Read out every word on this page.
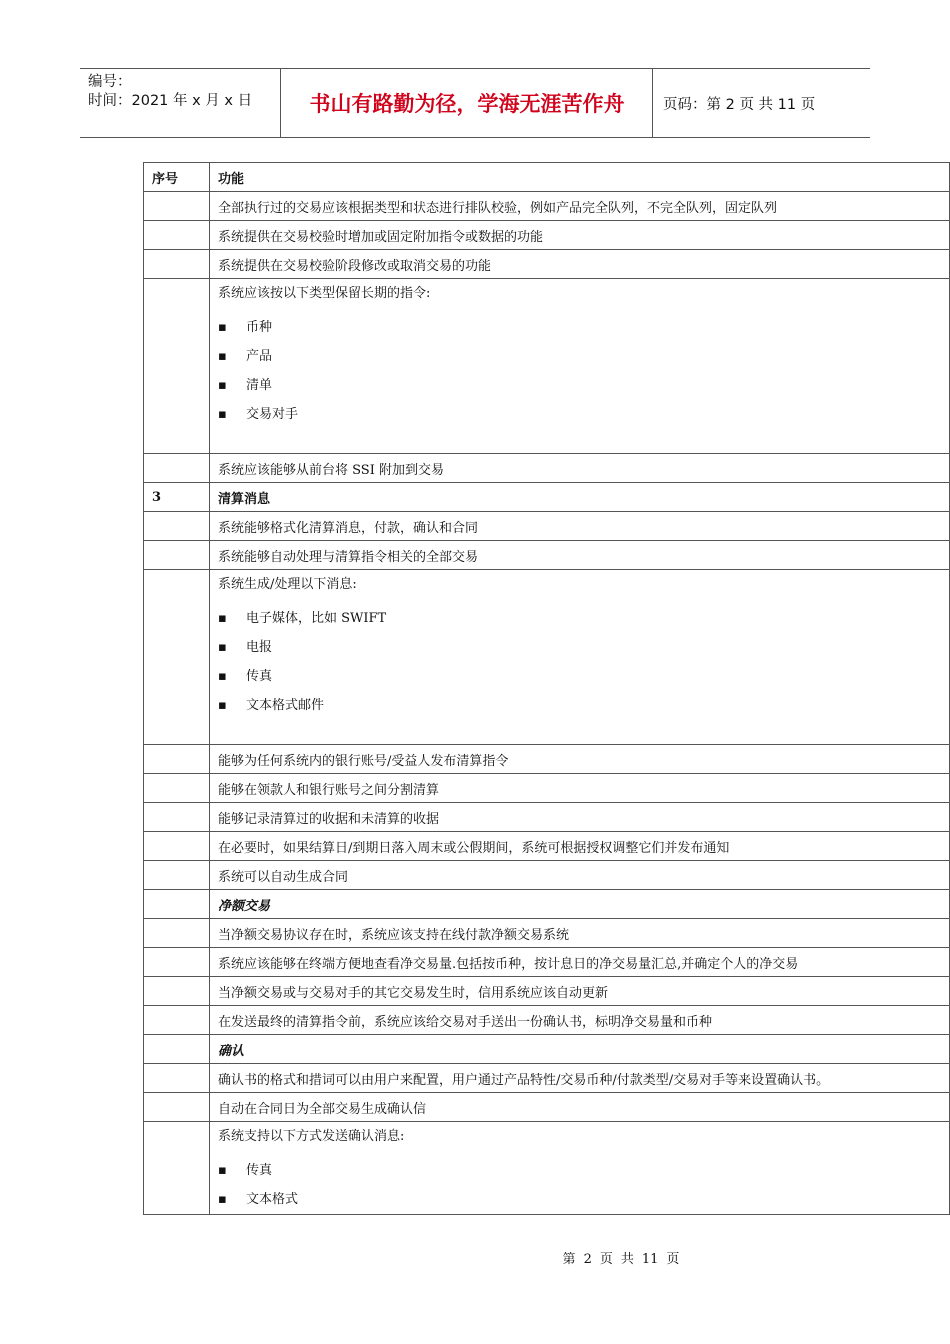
编号：
时间：2021 年 x 月 x 日	书山有路勤为径，学海无涯苦作舟	页码：第 2 页 共 11 页
序号	功能
	全部执行过的交易应该根据类型和状态进行排队校验，例如产品完全队列，不完全队列，固定队列
	系统提供在交易校验时增加或固定附加指令或数据的功能
	系统提供在交易校验阶段修改或取消交易的功能

	系统应该按以下类型保留长期的指令:
▪ 币种
▪ 产品
▪ 清单
▪ 交易对手

	系统应该能够从前台将 SSI 附加到交易
3	清算消息
	系统能够格式化清算消息，付款，确认和合同
	系统能够自动处理与清算指令相关的全部交易

	系统生成/处理以下消息:
▪ 电子媒体，比如 SWIFT
▪ 电报
▪ 传真
▪ 文本格式邮件

	能够为任何系统内的银行账号/受益人发布清算指令
	能够在领款人和银行账号之间分割清算
	能够记录清算过的收据和未清算的收据
	在必要时，如果结算日/到期日落入周末或公假期间，系统可根据授权调整它们并发布通知
	系统可以自动生成合同
	净额交易
	当净额交易协议存在时，系统应该支持在线付款净额交易系统
	系统应该能够在终端方便地查看净交易量.包括按币种，按计息日的净交易量汇总,并确定个人的净交易
	当净额交易或与交易对手的其它交易发生时，信用系统应该自动更新
	在发送最终的清算指令前，系统应该给交易对手送出一份确认书，标明净交易量和币种
	确认
	确认书的格式和措词可以由用户来配置，用户通过产品特性/交易币种/付款类型/交易对手等来设置确认书。
	自动在合同日为全部交易生成确认信

	系统支持以下方式发送确认消息:
▪ 传真
▪ 文本格式
第 2 页 共 11 页
